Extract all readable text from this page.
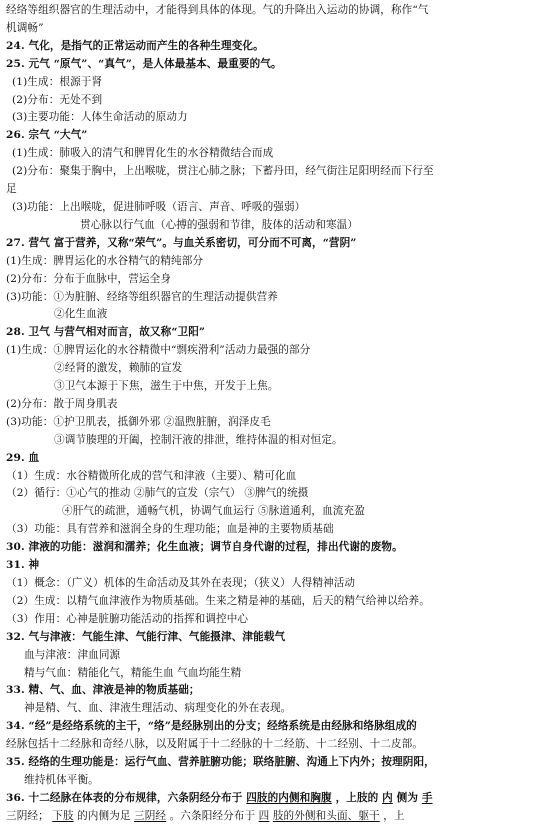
经络等组织器官的生理活动中，才能得到具体的体现。气的升降出入运动的协调，称作“气
机调畅”
24. 气化，是指气的正常运动而产生的各种生理变化。
25. 元气 “原气”、“真气”，是人体最基本、最重要的气。
(1)生成：根源于肾
(2)分布：无处不到
(3)主要功能：人体生命活动的原动力
26. 宗气 “大气”
(1)生成：肺吸入的清气和脾胃化生的水谷精微结合而成
(2)分布：聚集于胸中，上出喉咙，贯注心肺之脉；下蓄丹田，经气街注足阳明经而下行至
足
(3)功能：上出喉咙，促进肺呼吸（语言、声音、呼吸的强弱）
贯心脉以行气血（心搏的强弱和节律，肢体的活动和寒温）
27. 营气 富于营养，又称“荣气”。与血关系密切，可分而不可离，“营阴”
(1)生成：脾胃运化的水谷精气的精纯部分
(2)分布：分布于血脉中，营运全身
(3)功能：①为脏腑、经络等组织器官的生理活动提供营养
②化生血液
28. 卫气 与营气相对而言，故又称“卫阳”
(1)生成：①脾胃运化的水谷精微中“剽疾滑利”活动力最强的部分
②经肾的激发，赖肺的宣发
③卫气本源于下焦，滋生于中焦，开发于上焦。
(2)分布：散于周身肌表
(3)功能：①护卫肌表，抵御外邪 ②温煦脏腑，润泽皮毛
③调节腠理的开阖，控制汗液的排泄，维持体温的相对恒定。
29. 血
（1）生成：水谷精微所化成的营气和津液（主要）、精可化血
（2）循行：①心气的推动 ②肺气的宣发（宗气） ③脾气的统摄
④肝气的疏泄，通畅气机，协调气血运行 ⑤脉道通利，血流充盈
（3）功能：具有营养和滋润全身的生理功能；血是神的主要物质基础
30. 津液的功能：滋润和濡养；化生血液；调节自身代谢的过程，排出代谢的废物。
31. 神
（1）概念：（广义）机体的生命活动及其外在表现；（狭义）人得精神活动
（2）生成：以精气血津液作为物质基础。生来之精是神的基础，后天的精气给神以给养。
（3）作用：心神是脏腑功能活动的指挥和调控中心
32. 气与津液：气能生津、气能行津、气能摄津、津能载气
血与津液：津血同源
精与气血：精能化气，精能生血 气血均能生精
33. 精、气、血、津液是神的物质基础；
神是精、气、血、津液生理活动、病理变化的外在表现。
34. “经”是经络系统的主干，“络”是经脉别出的分支；经络系统是由经脉和络脉组成的
经脉包括十二经脉和奇经八脉，以及附属于十二经脉的十二经筋、十二经别、十二皮部。
35. 经络的生理功能是：运行气血、营养脏腑功能；联络脏腑、沟通上下内外；按理阴阳，
维持机体平衡。
36. 十二经脉在体表的分布规律，六条阴经分布于 四肢的内侧和胸腹 ，上肢的 内 侧为 手
三阴经； 下肢 的内侧为足 三阴经 。六条阳经分布于 四 肢的外侧和头面、躯干 ，上
